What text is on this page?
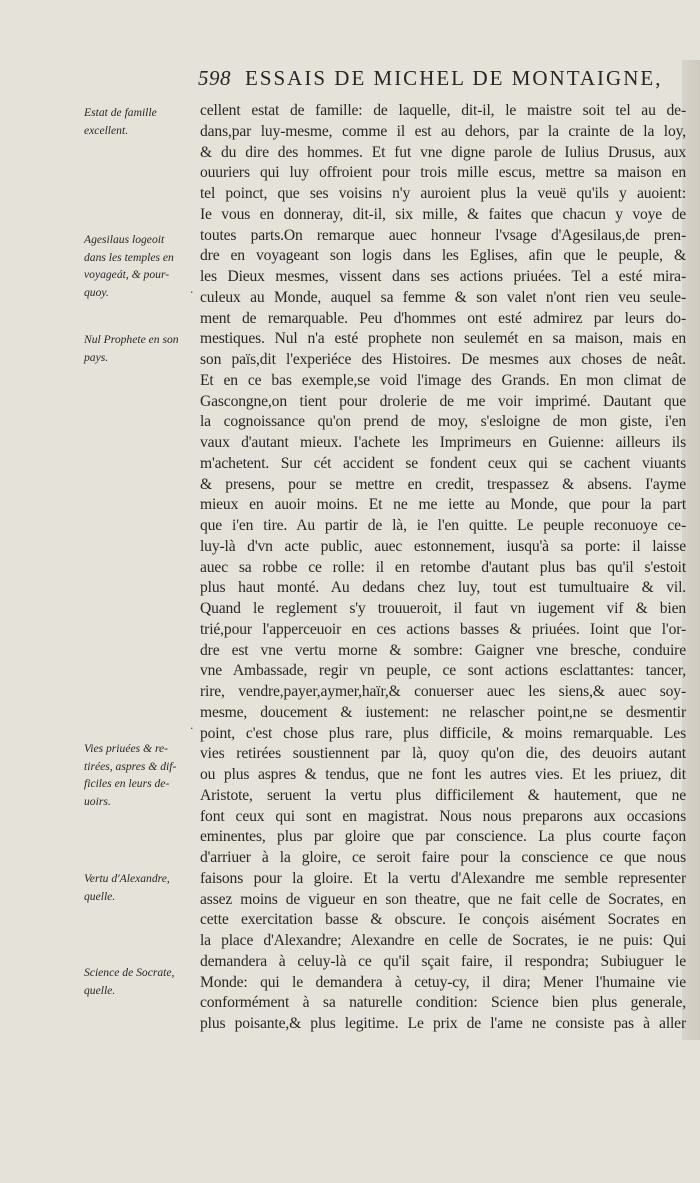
598 ESSAIS DE MICHEL DE MONTAIGNE,
cellent estat de famille: de laquelle, dit-il, le maistre soit tel au de-
dans,par luy-mesme, comme il est au dehors, par la crainte de la loy,
& du dire des hommes. Et fut vne digne parole de Iulius Drusus, aux
ouuriers qui luy offroient pour trois mille escus, mettre sa maison en
tel poinct, que ses voisins n'y auroient plus la veuë qu'ils y auoient:
Ie vous en donneray, dit-il, six mille, & faites que chacun y voye de
toutes parts.On remarque auec honneur l'vsage d'Agesilaus,de pren-
dre en voyageant son logis dans les Eglises, afin que le peuple, &
les Dieux mesmes, vissent dans ses actions priuées. Tel a esté mira-
culeux au Monde, auquel sa femme & son valet n'ont rien veu seule-
ment de remarquable. Peu d'hommes ont esté admirez par leurs do-
mestiques. Nul n'a esté prophete non seulemét en sa maison, mais en
son païs,dit l'experiéce des Histoires. De mesmes aux choses de neât.
Et en ce bas exemple,se void l'image des Grands. En mon climat de
Gascongne,on tient pour drolerie de me voir imprimé. Dautant que
la cognoissance qu'on prend de moy, s'esloigne de mon giste, i'en
vaux d'autant mieux. I'achete les Imprimeurs en Guienne: ailleurs ils
m'achetent. Sur cét accident se fondent ceux qui se cachent viuants
& presens, pour se mettre en credit, trespassez & absens. I'ayme
mieux en auoir moins. Et ne me iette au Monde, que pour la part
que i'en tire. Au partir de là, ie l'en quitte. Le peuple reconuoye ce-
luy-là d'vn acte public, auec estonnement, iusqu'à sa porte: il laisse
auec sa robbe ce rolle: il en retombe d'autant plus bas qu'il s'estoit
plus haut monté. Au dedans chez luy, tout est tumultuaire & vil.
Quand le reglement s'y trouueroit, il faut vn iugement vif & bien
trié,pour l'apperceuoir en ces actions basses & priuées. Ioint que l'or-
dre est vne vertu morne & sombre: Gaigner vne bresche, conduire
vne Ambassade, regir vn peuple, ce sont actions esclattantes: tancer,
rire, vendre,payer,aymer,haïr,& conuerser auec les siens,& auec soy-
mesme, doucement & iustement: ne relascher point,ne se desmentir
point, c'est chose plus rare, plus difficile, & moins remarquable. Les
vies retirées soustiennent par là, quoy qu'on die, des deuoirs autant
ou plus aspres & tendus, que ne font les autres vies. Et les priuez, dit
Aristote, seruent la vertu plus difficilement & hautement, que ne
font ceux qui sont en magistrat. Nous nous preparons aux occasions
eminentes, plus par gloire que par conscience. La plus courte façon
d'arriuer à la gloire, ce seroit faire pour la conscience ce que nous
faisons pour la gloire. Et la vertu d'Alexandre me semble representer
assez moins de vigueur en son theatre, que ne fait celle de Socrates, en
cette exercitation basse & obscure. Ie conçois aisément Socrates en
la place d'Alexandre; Alexandre en celle de Socrates, ie ne puis: Qui
demandera à celuy-là ce qu'il sçait faire, il respondra; Subiuguer le
Monde: qui le demandera à cetuy-cy, il dira; Mener l'humaine vie
conformément à sa naturelle condition: Science bien plus generale,
plus poisante,& plus legitime. Le prix de l'ame ne consiste pas à aller
Estat de famille
excellent.
Agesilaus logeoit
dans les temples en
voyageát, & pour-
quoy.
Nul Prophete en son
pays.
Vies priuées & re-
tirées, aspres & dif-
ficiles en leurs de-
uoirs.
Vertu d'Alexandre,
quelle.
Science de Socrate,
quelle.
·
·
